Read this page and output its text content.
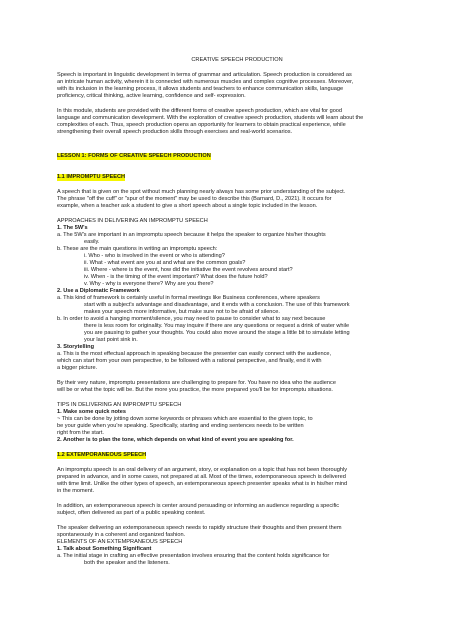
CREATIVE SPEECH PRODUCTION
Speech is important in linguistic development in terms of grammar and articulation. Speech production is considered as
an intricate human activity, wherein it is connected with numerous muscles and complex cognitive processes. Moreover,
with its inclusion in the learning process, it allows students and teachers to enhance communication skills, language
proficiency, critical thinking, active learning, confidence and self- expression.
In this module, students are provided with the different forms of creative speech production, which are vital for good
language and communication development. With the exploration of creative speech production, students will learn about the
complexities of each. Thus, speech production opens an opportunity for learners to obtain practical experience, while
strengthening their overall speech production skills through exercises and real-world scenarios.
LESSON 1: FORMS OF CREATIVE SPEECH PRODUCTION
1.1 IMPROMPTU SPEECH
A speech that is given on the spot without much planning nearly always has some prior understanding of the subject.
The phrase "off the cuff" or "spur of the moment" may be used to describe this (Barnard, D., 2021). It occurs for
example, when a teacher ask a student to give a short speech about a single topic included in the lesson.
APPROACHES IN DELIVERING AN IMPROMPTU SPEECH
1. The 5W's
a. The 5W's are important in an impromptu speech because it helps the speaker to organize his/her thoughts
easily.
b. These are the main questions in writing an impromptu speech:
i. Who - who is involved in the event or who is attending?
ii. What - what event are you at and what are the common goals?
iii. Where - where is the event, how did the initiative the event revolves around start?
iv. When - is the timing of the event important? What does the future hold?
v. Why - why is everyone there? Why are you there?
2. Use a Diplomatic Framework
a. This kind of framework is certainly useful in formal meetings like Business conferences, where speakers
start with a subject's advantage and disadvantage, and it ends with a conclusion. The use of this framework
makes your speech more informative, but make sure not to be afraid of silence.
b. In order to avoid a hanging moment/silence, you may need to pause to consider what to say next because
there is less room for originality. You may inquire if there are any questions or request a drink of water while
you are pausing to gather your thoughts. You could also move around the stage a little bit to simulate letting
your last point sink in.
3. Storytelling
a. This is the most effectual approach in speaking because the presenter can easily connect with the audience,
which can start from your own perspective, to be followed with a rational perspective, and finally, end it with
a bigger picture.
By their very nature, impromptu presentations are challenging to prepare for. You have no idea who the audience
will be or what the topic will be. But the more you practice, the more prepared you'll be for impromptu situations.
TIPS IN DELIVERING AN IMPROMPTU SPEECH
1. Make some quick notes
~ This can be done by jotting down some keywords or phrases which are essential to the given topic, to
be your guide when you're speaking. Specifically, starting and ending sentences needs to be written
right from the start.
2. Another is to plan the tone, which depends on what kind of event you are speaking for.
1.2 EXTEMPORANEOUS SPEECH
An impromptu speech is an oral delivery of an argument, story, or explanation on a topic that has not been thoroughly
prepared in advance, and in some cases, not prepared at all. Most of the times, extemporaneous speech is delivered
with time limit. Unlike the other types of speech, an extemporaneous speech presenter speaks what is in his/her mind
in the moment.
In addition, an extemporaneous speech is center around persuading or informing an audience regarding a specific
subject, often delivered as part of a public speaking contest.
The speaker delivering an extemporaneous speech needs to rapidly structure their thoughts and then present them
spontaneously in a coherent and organized fashion.
ELEMENTS OF AN EXTEMPRANEOUS SPEECH
1. Talk about Something Significant
a. The initial stage in crafting an effective presentation involves ensuring that the content holds significance for
both the speaker and the listeners.
